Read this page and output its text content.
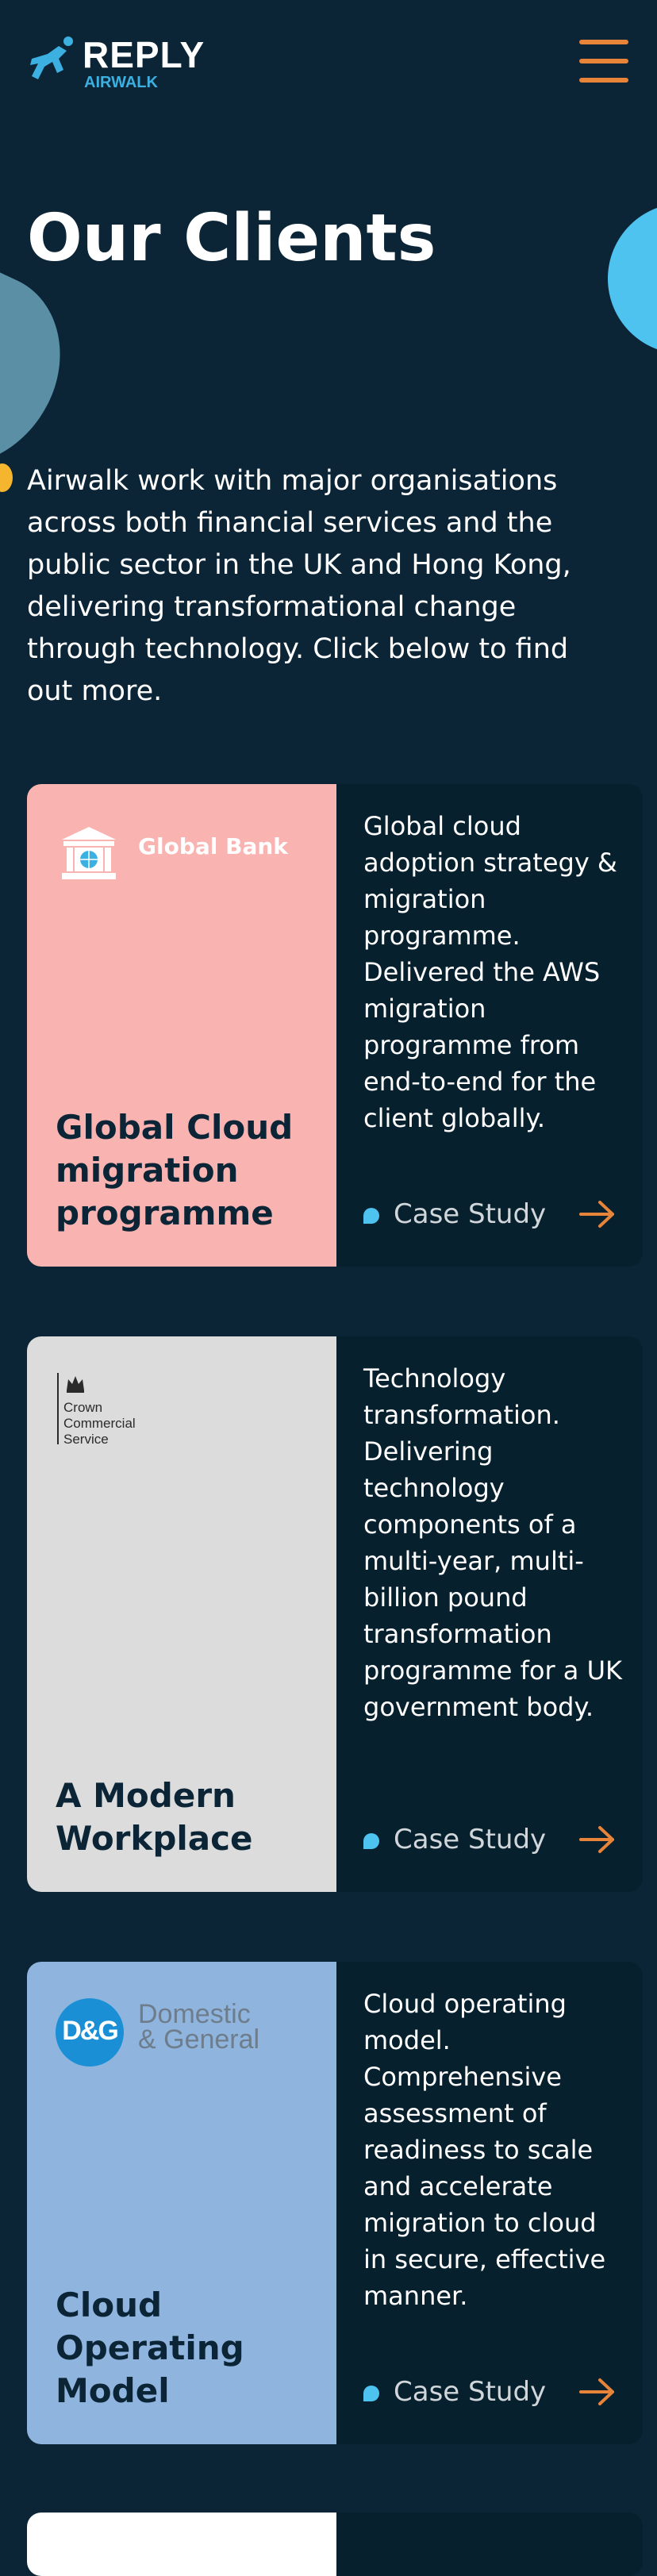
REPLY
AIRWALK
Our Clients

Airwalk work with major organisations across both financial services and the public sector in the UK and Hong Kong, delivering transformational change through technology. Click below to find out more.

Global Bank
Global Cloud migration programme

Global cloud adoption strategy & migration programme. Delivered the AWS migration programme from end-to-end for the client globally.

Case Study
Crown
Commercial
Service
A Modern Workplace

Technology transformation. Delivering technology components of a multi-year, multi-billion pound transformation programme for a UK government body.

Case Study
D&G
Domestic
& General
Cloud Operating Model

Cloud operating model. Comprehensive assessment of readiness to scale and accelerate migration to cloud in secure, effective manner.

Case Study
